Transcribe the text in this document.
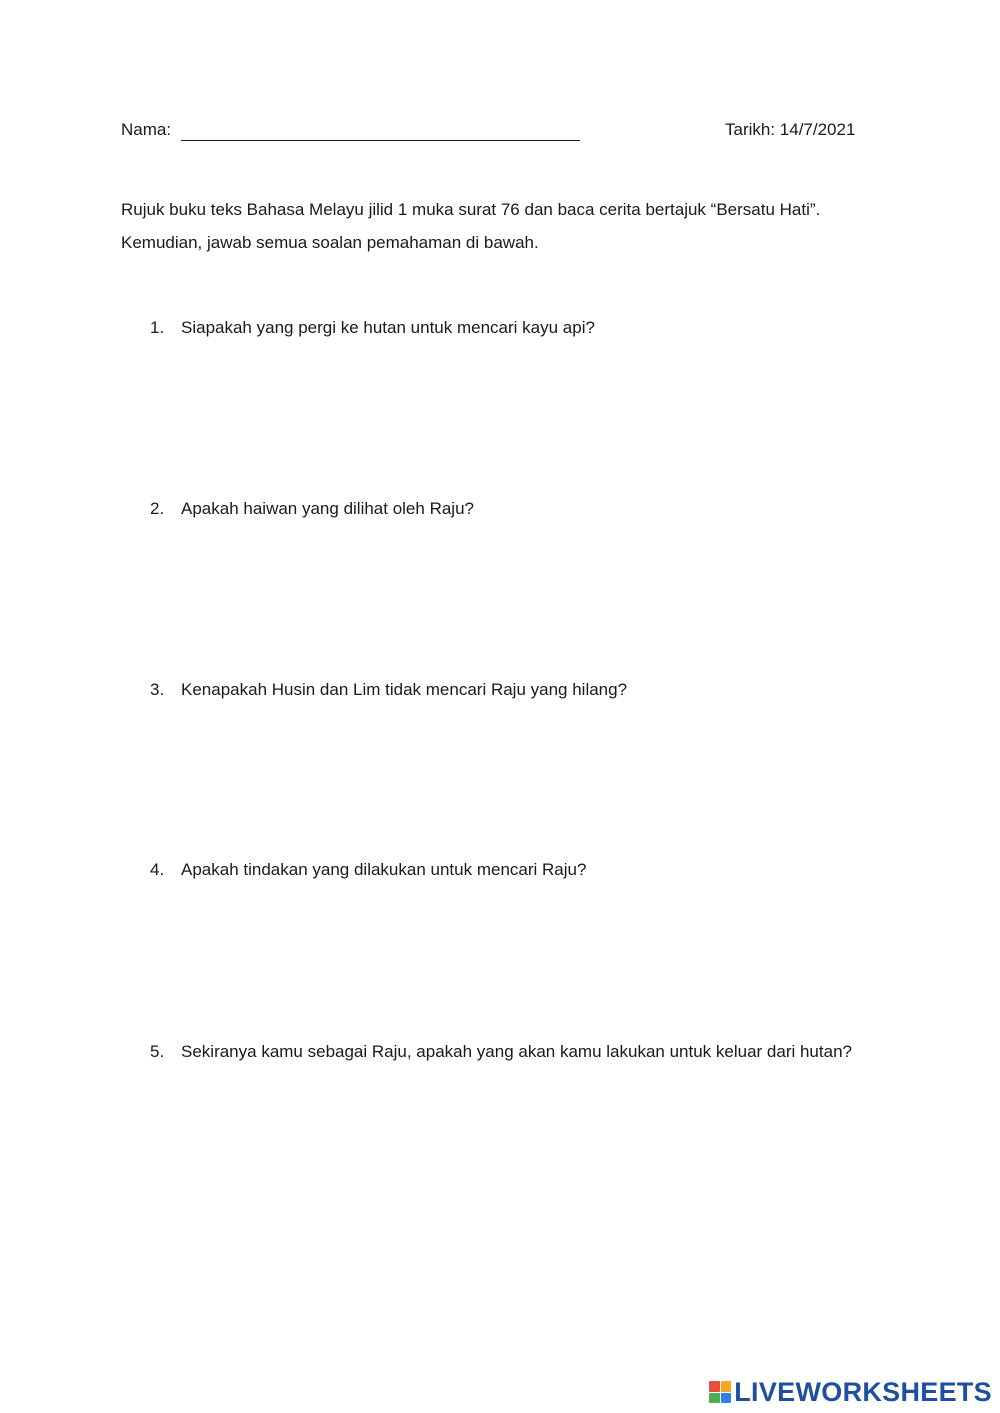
Nama:	Tarikh: 14/7/2021

Rujuk buku teks Bahasa Melayu jilid 1 muka surat 76 dan baca cerita bertajuk “Bersatu Hati”.

Kemudian, jawab semua soalan pemahaman di bawah.

1. Siapakah yang pergi ke hutan untuk mencari kayu api?
2. Apakah haiwan yang dilihat oleh Raju?
3. Kenapakah Husin dan Lim tidak mencari Raju yang hilang?
4. Apakah tindakan yang dilakukan untuk mencari Raju?
5. Sekiranya kamu sebagai Raju, apakah yang akan kamu lakukan untuk keluar dari hutan?
LIVEWORKSHEETS
